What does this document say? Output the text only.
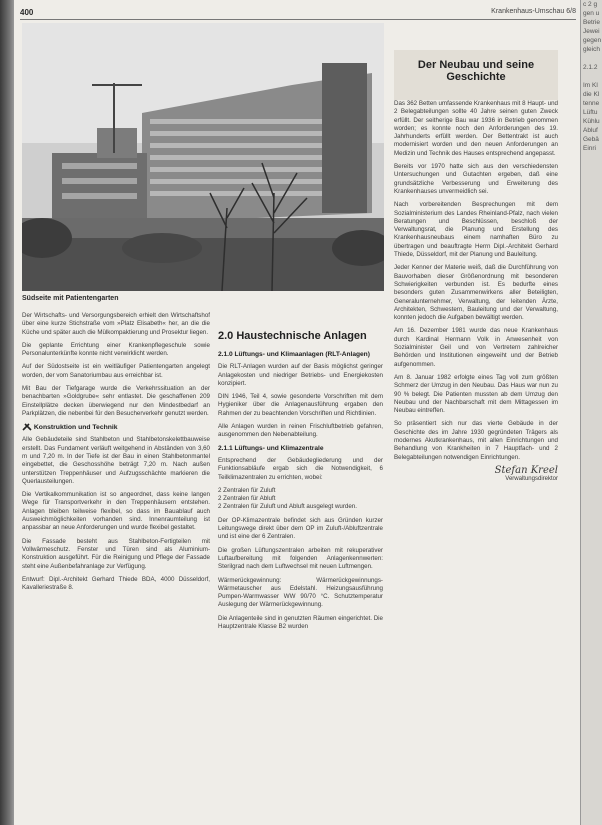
400	Krankenhaus-Umschau 6/8
Südseite mit Patientengarten

Der Wirtschafts- und Versorgungsbereich erhielt den Wirtschaftshof über eine kurze Stichstraße vom »Platz Elisabeth« her, an die die Küche und später auch die Mülkompaktierung und Prosektur liegen.

Die geplante Errichtung einer Krankenpflegeschule sowie Personalunterkünfte konnte nicht verwirklicht werden.

Auf der Südostseite ist ein weitläufiger Patientengarten angelegt worden, der vom Sanatoriumbau aus erreichbar ist.

Mit Bau der Tiefgarage wurde die Verkehrssituation an der benachbarten »Goldgrube« sehr entlastet. Die geschaffenen 209 Einstellplätze decken überwiegend nur den Mindestbedarf an Parkplätzen, die nebenbei für den Besucherverkehr genutzt werden.

Konstruktion und Technik

Alle Gebäudeteile sind Stahlbeton und Stahlbetonskelettbauweise erstellt. Das Fundament verläuft weitgehend in Abständen von 3,60 m und 7,20 m. In der Tiefe ist der Bau in einen Stahlbetonmantel eingebettet, die Geschosshöhe beträgt 7,20 m. Nach außen unterstützen Treppenhäuser und Aufzugsschächte markieren die Querlausteilungen.

Die Vertikalkommunikation ist so angeordnet, dass keine langen Wege für Transportverkehr in den Treppenhäusern entstehen. Anlagen bleiben teilweise flexibel, so dass im Bauablauf auch Ausweichmöglichkeiten vorhanden sind. Innenraumteilung ist anpassbar an neue Anforderungen und wurde flexibel gestaltet.

Die Fassade besteht aus Stahlbeton-Fertigteilen mit Vollwärmeschutz. Fenster und Türen sind als Aluminium-Konstruktion ausgeführt. Für die Reinigung und Pflege der Fassade steht eine Außenbefahranlage zur Verfügung.

Entwurf: Dipl.-Architekt Gerhard Thiede BDA, 4000 Düsseldorf, Kavalleriestraße 8.

2.0 Haustechnische Anlagen
2.1.0 Lüftungs- und Klimaanlagen (RLT-Anlagen)

Die RLT-Anlagen wurden auf der Basis möglichst geringer Anlagekosten und niedriger Betriebs- und Energiekosten konzipiert.

DIN 1946, Teil 4, sowie gesonderte Vorschriften mit dem Hygieniker über die Anlagenausführung ergaben den Rahmen der zu beachtenden Vorschriften und Richtlinien.

Alle Anlagen wurden in reinen Frischluftbetrieb gefahren, ausgenommen den Nebenabteilung.

2.1.1 Lüftungs- und Klimazentrale

Entsprechend der Gebäudegliederung und der Funktionsabläufe ergab sich die Notwendigkeit, 6 Teilklimazentralen zu errichten, wobei:

2 Zentralen für Zuluft
2 Zentralen für Abluft
2 Zentralen für Zuluft und Abluft ausgelegt wurden.

Der OP-Klimazentrale befindet sich aus Gründen kurzer Leitungswege direkt über dem OP im Zuluft-/Abluftzentrale und ist eine der 6 Zentralen.

Die großen Lüftungszentralen arbeiten mit rekuperativer Luftaufbereitung mit folgenden Anlagenkennwerten: Sterilgrad nach dem Luftwechsel mit neuen Luftmengen.

Wärmerückgewinnung: Wärmerückgewinnungs-Wärmetauscher aus Edelstahl. Heizungsausführung Pumpen-Warmwasser WW 90/70 °C. Schutztemperatur Auslegung der Wärmerückgewinnung.

Die Anlagenteile sind in genutzten Räumen eingerichtet. Die Hauptzentrale Klasse B2 wurden

Der Neubau und seine Geschichte

Das 362 Betten umfassende Krankenhaus mit 8 Haupt- und 2 Belegabteilungen sollte 40 Jahre seinen guten Zweck erfüllt. Der seitherige Bau war 1936 in Betrieb genommen worden; es konnte noch den Anforderungen des 19. Jahrhunderts erfüllt werden. Der Bettentrakt ist auch modernisiert worden und den neuen Anforderungen an Medizin und Technik des Hauses entsprechend angepasst.

Bereits vor 1970 hatte sich aus den verschiedensten Untersuchungen und Gutachten ergeben, daß eine grundsätzliche Verbesserung und Erweiterung des Krankenhauses unvermeidlich sei.

Nach vorbereitenden Besprechungen mit dem Sozialministerium des Landes Rheinland-Pfalz, nach vielen Beratungen und Beschlüssen, beschloß der Verwaltungsrat, die Planung und Erstellung des Krankenhausneubaus einem namhaften Büro zu übertragen und beauftragte Herrn Dipl.-Architekt Gerhard Thiede, Düsseldorf, mit der Planung und Bauleitung.

Jeder Kenner der Materie weiß, daß die Durchführung von Bauvorhaben dieser Größenordnung mit besonderen Schwierigkeiten verbunden ist. Es bedurfte eines besonders guten Zusammenwirkens aller Beteiligten, Generalunternehmer, Verwaltung, der leitenden Ärzte, Architekten, Schwestern, Bauleitung und der Verwaltung, konnten jedoch die Aufgaben bewältigt werden.

Am 16. Dezember 1981 wurde das neue Krankenhaus durch Kardinal Hermann Volk in Anwesenheit von Sozialminister Geil und von Vertretern zahlreicher Behörden und Institutionen eingeweiht und der Betrieb aufgenommen.

Am 8. Januar 1982 erfolgte eines Tag voll zum größten Schmerz der Umzug in den Neubau. Das Haus war nun zu 90 % belegt. Die Patienten mussten ab dem Umzug den Neubau und der Nachbarschaft mit dem Mittagessen im Neubau eintreffen.

So präsentiert sich nur das vierte Gebäude in der Geschichte des im Jahre 1930 gegründeten Trägers als modernes Akutkrankenhaus, mit allen Einrichtungen und Behandlung von Krankheiten in 7 Hauptfach- und 2 Belegabteilungen notwendigen Einrichtungen.

Stefan Kreel
Verwaltungsdirektor
c 2 g
gen u
Betrie
Jewei
gegen
gleich

2.1.2

Im Kl
die Kl
tenne
Lüftu
Kühlu
Abluf
Gebä
Einri
